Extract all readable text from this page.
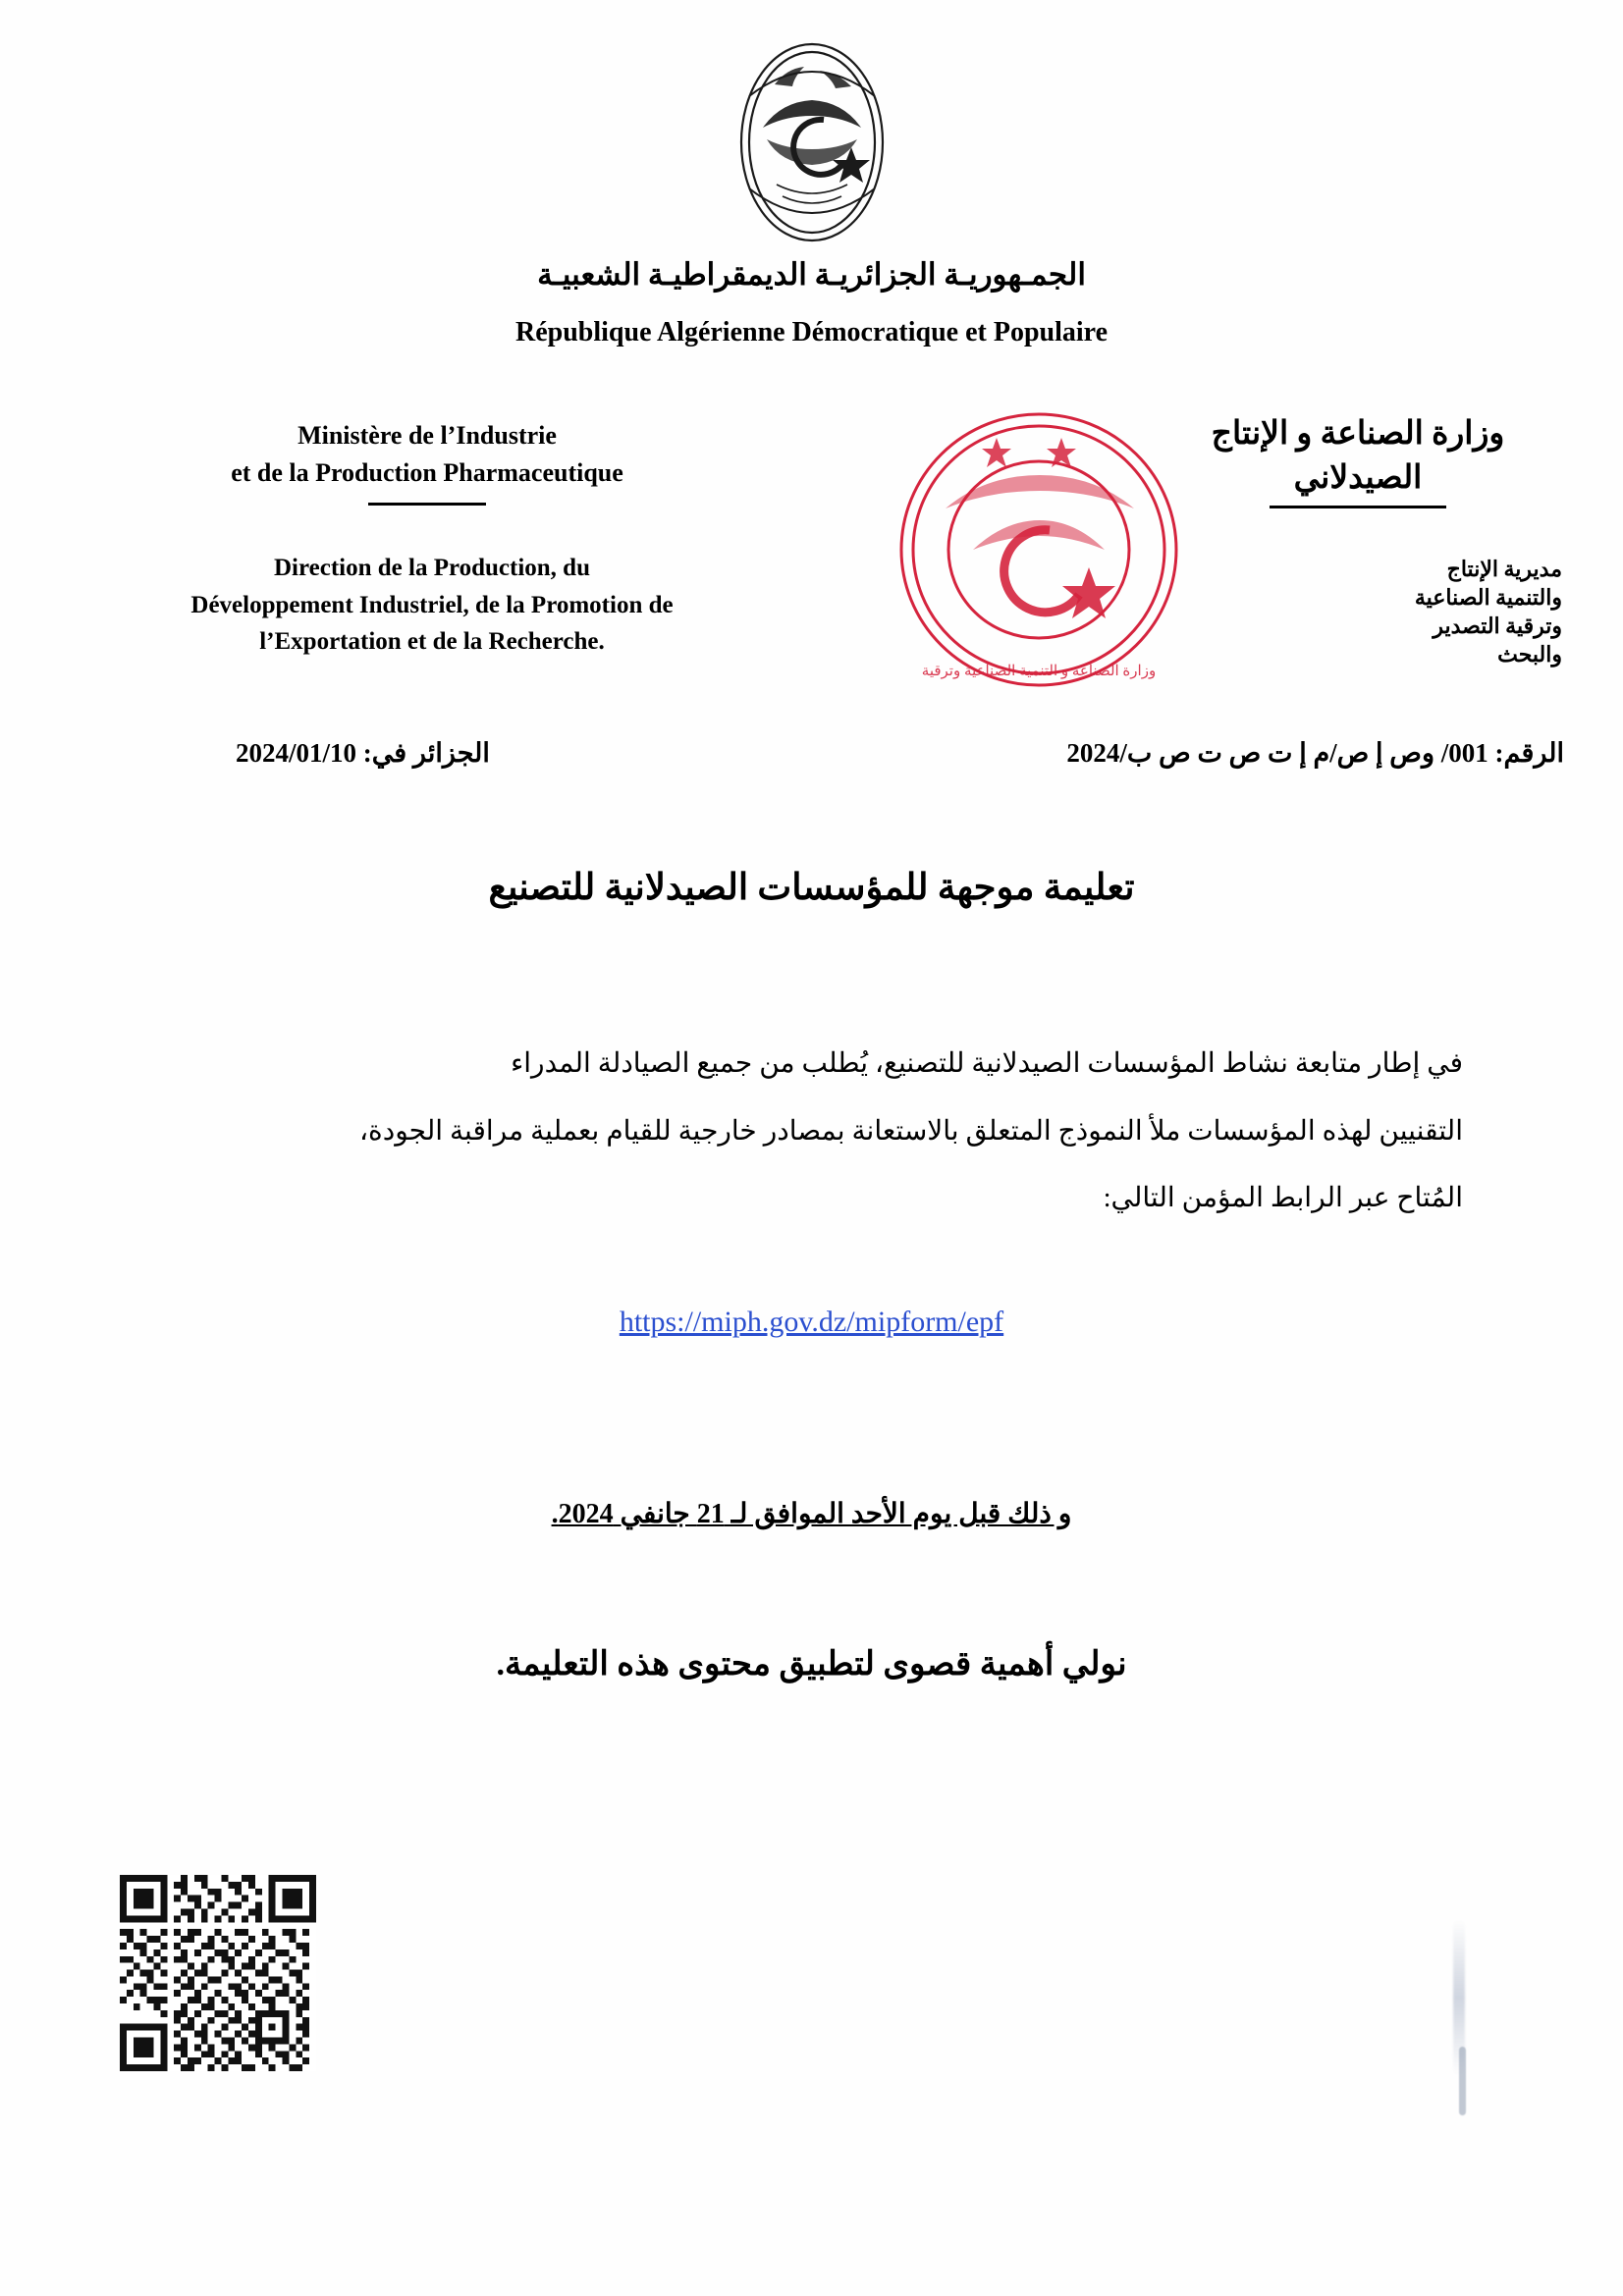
الجمـهوريـة الجزائريـة الديمقراطيـة الشعبيـة
République Algérienne Démocratique et Populaire
Ministère de l’Industrie
et de la Production Pharmaceutique
Direction de la Production, du
Développement Industriel, de la Promotion de
l’Exportation et de la Recherche.
وزارة الصناعة و الإنتاج
الصيدلاني
مديرية الإنتاج
والتنمية الصناعية
وترقية التصدير
والبحث
وزارة الصناعة و التنمية الصناعية وترقية
الرقم: 001/ وص إ ص/م إ ت ص ت ص ب/2024
الجزائر في: 2024/01/10
تعليمة موجهة للمؤسسات الصيدلانية للتصنيع

في إطار متابعة نشاط المؤسسات الصيدلانية للتصنيع، يُطلب من جميع الصيادلة المدراء

التقنيين لهذه المؤسسات ملأ النموذج المتعلق بالاستعانة بمصادر خارجية للقيام بعملية مراقبة الجودة،

المُتاح عبر الرابط المؤمن التالي:

https://miph.gov.dz/mipform/epf
و ذلك قبل يوم الأحد الموافق لـ 21 جانفي 2024.
نولي أهمية قصوى لتطبيق محتوى هذه التعليمة.
